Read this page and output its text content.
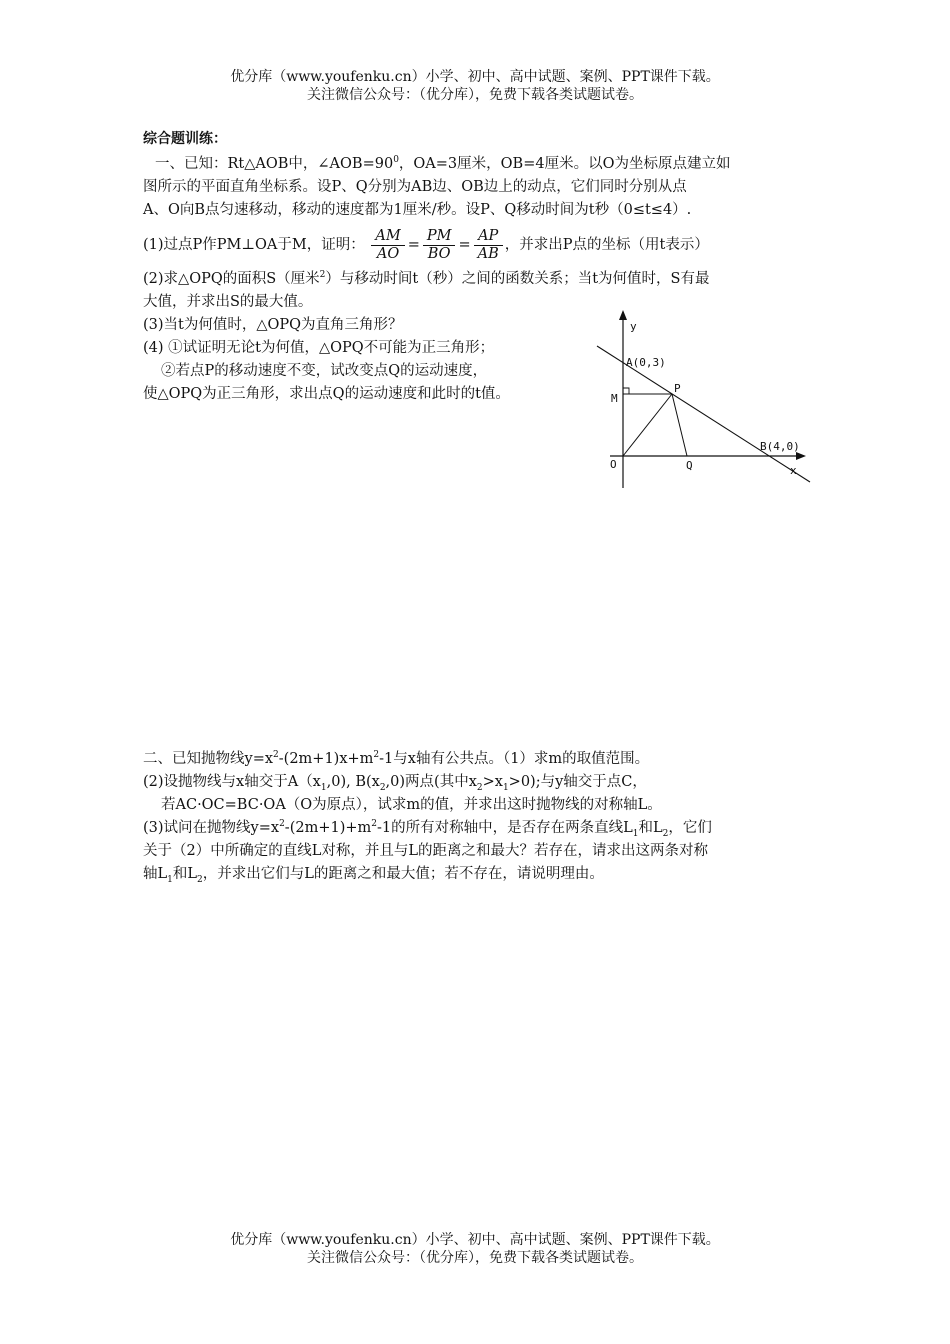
优分库（www.youfenku.cn）小学、初中、高中试题、案例、PPT课件下载。
关注微信公众号：（优分库），免费下载各类试题试卷。
综合题训练：
一、已知：Rt△AOB中，$\angle AOB=90^0$，OA=3厘米，OB=4厘米。以O为坐标原点建立如
图所示的平面直角坐标系。设P、Q分别为AB边、OB边上的动点，它们同时分别从点
A、O向B点匀速移动，移动的速度都为1厘米/秒。设P、Q移动时间为t秒（0≤t≤4）.
(1)过点P作PM⊥OA于M，证明： $\frac{AM}{AO} = \frac{PM}{BO} = \frac{AP}{AB}$ ，并求出P点的坐标（用t表示）
(2)求△OPQ的面积S（厘米$^2$）与移动时间t（秒）之间的函数关系；当t为何值时，S有最
大值，并求出S的最大值。
(3)当t为何值时，△OPQ为直角三角形？
(4) ①试证明无论t为何值，△OPQ不可能为正三角形；
②若点P的移动速度不变，试改变点Q的运动速度，
使△OPQ为正三角形，求出点Q的运动速度和此时的t值。
y
x
A(0,3)
B(4,0)
M
P
O	Q
二、已知抛物线$y=x^2-(2m+1)x+m^2-1$与x轴有公共点。（1）求m的取值范围。
(2)设抛物线与x轴交于$A(x_1,0)$, $B(x_2,0)$两点(其中$x_2>x_1>0$);与y轴交于点C，
若AC·OC=BC·OA（O为原点），试求m的值，并求出这时抛物线的对称轴L。
(3)试问在抛物线$y=x^2-(2m+1)+m^2-1$的所有对称轴中，是否存在两条直线$L_1$和$L_2$，它们
关于（2）中所确定的直线L对称，并且与L的距离之和最大？若存在，请求出这两条对称
轴$L_1$和$L_2$，并求出它们与L的距离之和最大值；若不存在，请说明理由。
优分库（www.youfenku.cn）小学、初中、高中试题、案例、PPT课件下载。
关注微信公众号：（优分库），免费下载各类试题试卷。
